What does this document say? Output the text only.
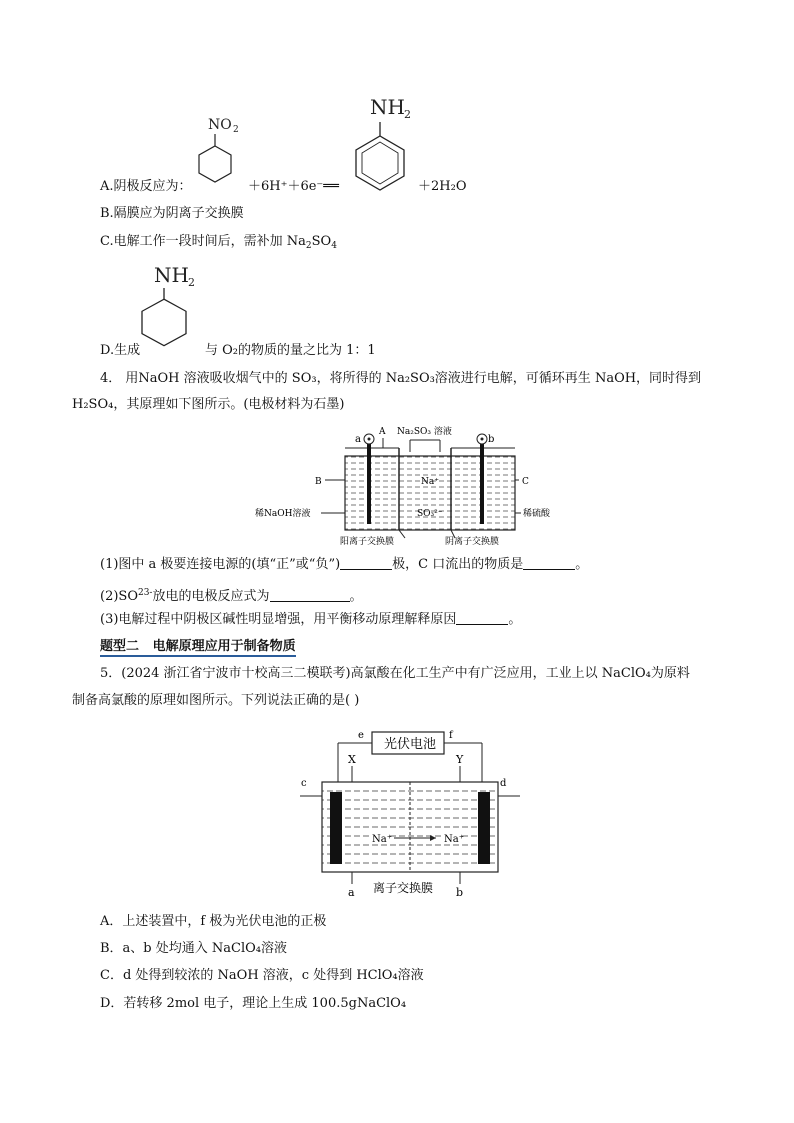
A.阴极反应为：
NO 2
＋6H⁺＋6e⁻══
NH 2
＋2H₂O
B.隔膜应为阴离子交换膜
C.电解工作一段时间后，需补加 $Na_2SO_4$
NH 2
D.生成	与 O₂的物质的量之比为 1：1
4． 用NaOH 溶液吸收烟气中的 SO₃，将所得的 Na₂SO₃溶液进行电解，可循环再生 NaOH，同时得到
H₂SO₄，其原理如下图所示。(电极材料为石墨)
a	b
A Na₂SO₃ 溶液
B	C
Na⁺
SO₃²⁻
稀NaOH溶液	稀硫酸
阳离子交换膜	阴离子交换膜
(1)图中 a 极要连接电源的(填“正”或“负”)	极，C 口流出的物质是	。
$(2)SO^{23-}$放电的电极反应式为	。
(3)电解过程中阴极区碱性明显增强，用平衡移动原理解释原因	。
题型二 电解原理应用于制备物质
5．(2024 浙江省宁波市十校高三二模联考)高氯酸在化工生产中有广泛应用，工业上以 NaClO₄为原料
制备高氯酸的原理如图所示。下列说法正确的是( )
光伏电池
e	f
X	Y
c	d
Na⁺	Na⁺
a	b
离子交换膜
A．上述装置中，f 极为光伏电池的正极
B．a、b 处均通入 NaClO₄溶液
C．d 处得到较浓的 NaOH 溶液，c 处得到 HClO₄溶液
D．若转移 2mol 电子，理论上生成 100.5gNaClO₄
